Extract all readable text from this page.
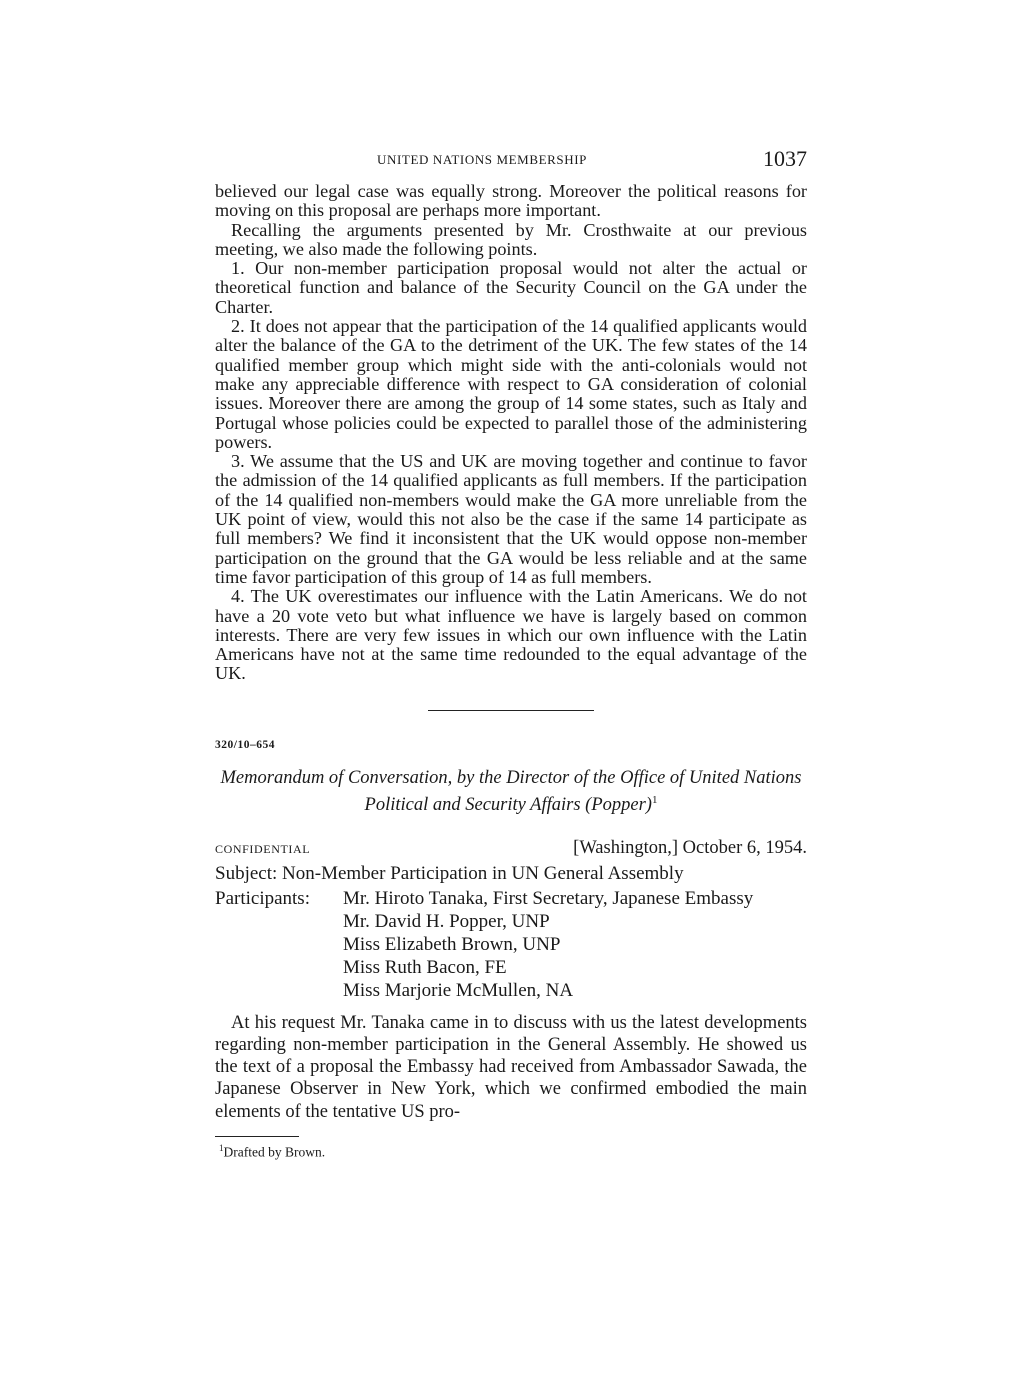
UNITED NATIONS MEMBERSHIP	1037

believed our legal case was equally strong. Moreover the political reasons for moving on this proposal are perhaps more important.

Recalling the arguments presented by Mr. Crosthwaite at our previous meeting, we also made the following points.

1. Our non-member participation proposal would not alter the actual or theoretical function and balance of the Security Council on the GA under the Charter.

2. It does not appear that the participation of the 14 qualified applicants would alter the balance of the GA to the detriment of the UK. The few states of the 14 qualified member group which might side with the anti-colonials would not make any appreciable difference with respect to GA consideration of colonial issues. Moreover there are among the group of 14 some states, such as Italy and Portugal whose policies could be expected to parallel those of the administering powers.

3. We assume that the US and UK are moving together and continue to favor the admission of the 14 qualified applicants as full members. If the participation of the 14 qualified non-members would make the GA more unreliable from the UK point of view, would this not also be the case if the same 14 participate as full members? We find it inconsistent that the UK would oppose non-member participation on the ground that the GA would be less reliable and at the same time favor participation of this group of 14 as full members.

4. The UK overestimates our influence with the Latin Americans. We do not have a 20 vote veto but what influence we have is largely based on common interests. There are very few issues in which our own influence with the Latin Americans have not at the same time redounded to the equal advantage of the UK.

320/10–654
Memorandum of Conversation, by the Director of the Office of United Nations Political and Security Affairs (Popper)$^1$
CONFIDENTIAL	[Washington,] October 6, 1954.
Subject: Non-Member Participation in UN General Assembly
Participants:	Mr. Hiroto Tanaka, First Secretary, Japanese Embassy
Mr. David H. Popper, UNP
Miss Elizabeth Brown, UNP
Miss Ruth Bacon, FE
Miss Marjorie McMullen, NA

At his request Mr. Tanaka came in to discuss with us the latest developments regarding non-member participation in the General Assembly. He showed us the text of a proposal the Embassy had received from Ambassador Sawada, the Japanese Observer in New York, which we confirmed embodied the main elements of the tentative US pro-

$^1$Drafted by Brown.
